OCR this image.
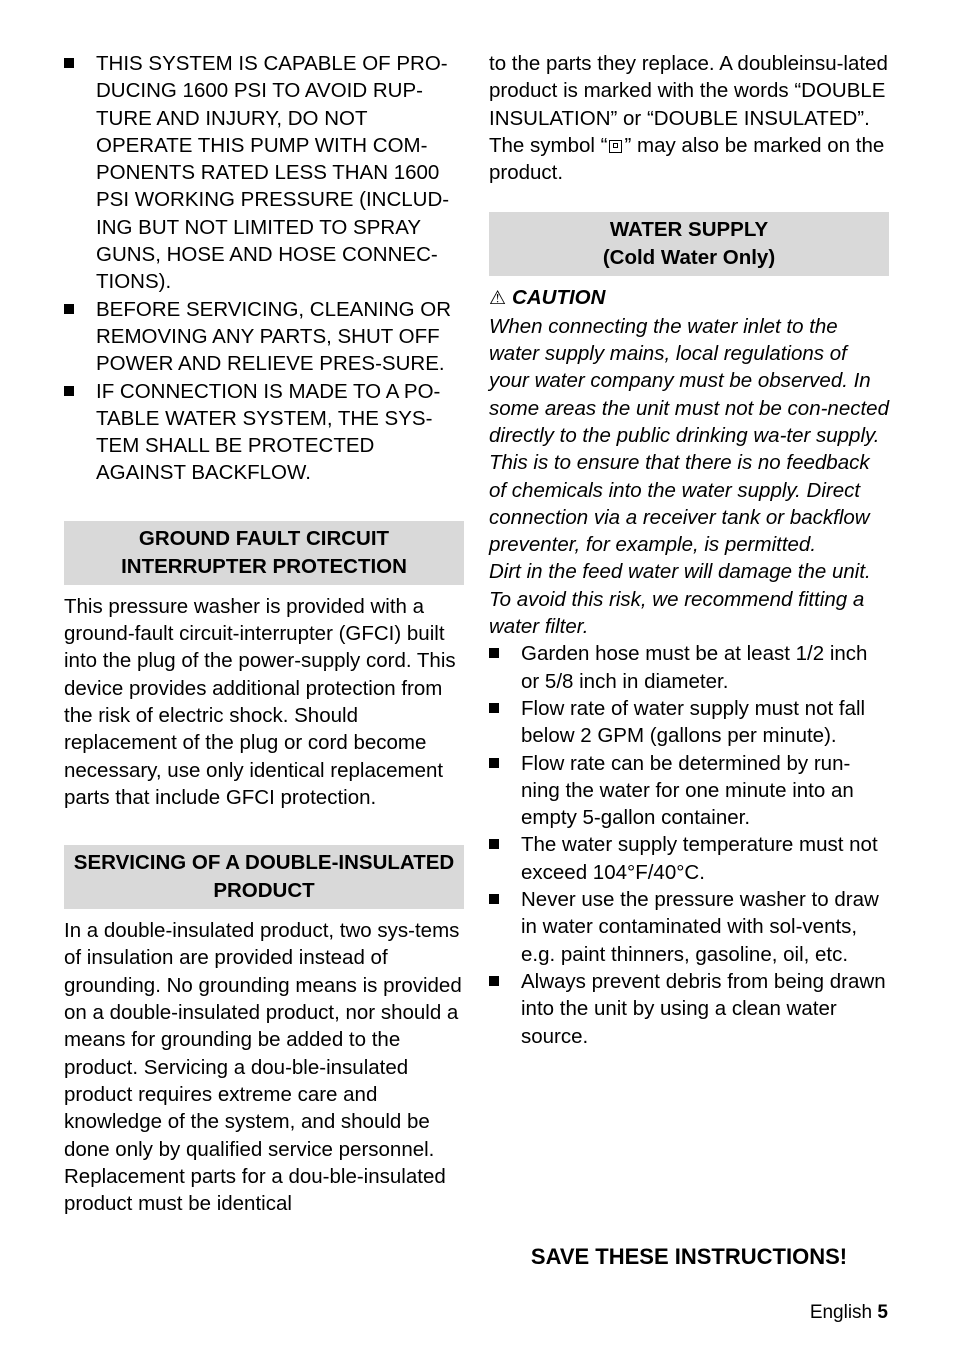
THIS SYSTEM IS CAPABLE OF PRO-DUCING 1600 PSI TO AVOID RUP-TURE AND INJURY, DO NOT OPERATE THIS PUMP WITH COM-PONENTS RATED LESS THAN 1600 PSI WORKING PRESSURE (INCLUD-ING BUT NOT LIMITED TO SPRAY GUNS, HOSE AND HOSE CONNEC-TIONS).
BEFORE SERVICING, CLEANING OR REMOVING ANY PARTS, SHUT OFF POWER AND RELIEVE PRES-SURE.
IF CONNECTION IS MADE TO A PO-TABLE WATER SYSTEM, THE SYS-TEM SHALL BE PROTECTED AGAINST BACKFLOW.
GROUND FAULT CIRCUIT INTERRUPTER PROTECTION

This pressure washer is provided with a ground-fault circuit-interrupter (GFCI) built into the plug of the power-supply cord. This device provides additional protection from the risk of electric shock. Should replacement of the plug or cord become necessary, use only identical replacement parts that include GFCI protection.

SERVICING OF A DOUBLE-INSULATED PRODUCT

In a double-insulated product, two sys-tems of insulation are provided instead of grounding. No grounding means is provided on a double-insulated product, nor should a means for grounding be added to the product. Servicing a dou-ble-insulated product requires extreme care and knowledge of the system, and should be done only by qualified service personnel. Replacement parts for a dou-ble-insulated product must be identical

to the parts they replace. A doubleinsu-lated product is marked with the words “DOUBLE INSULATION” or “DOUBLE INSULATED”. The symbol “ ” may also be marked on the product.

WATER SUPPLY
(Cold Water Only)

⚠ CAUTION

When connecting the water inlet to the water supply mains, local regulations of your water company must be observed. In some areas the unit must not be con-nected directly to the public drinking wa-ter supply. This is to ensure that there is no feedback of chemicals into the water supply. Direct connection via a receiver tank or backflow preventer, for example, is permitted.

Dirt in the feed water will damage the unit. To avoid this risk, we recommend fitting a water filter.

Garden hose must be at least 1/2 inch or 5/8 inch in diameter.
Flow rate of water supply must not fall below 2 GPM (gallons per minute).
Flow rate can be determined by run-ning the water for one minute into an empty 5-gallon container.
The water supply temperature must not exceed 104°F/40°C.
Never use the pressure washer to draw in water contaminated with sol-vents, e.g. paint thinners, gasoline, oil, etc.
Always prevent debris from being drawn into the unit by using a clean water source.
SAVE THESE INSTRUCTIONS!
English 5
